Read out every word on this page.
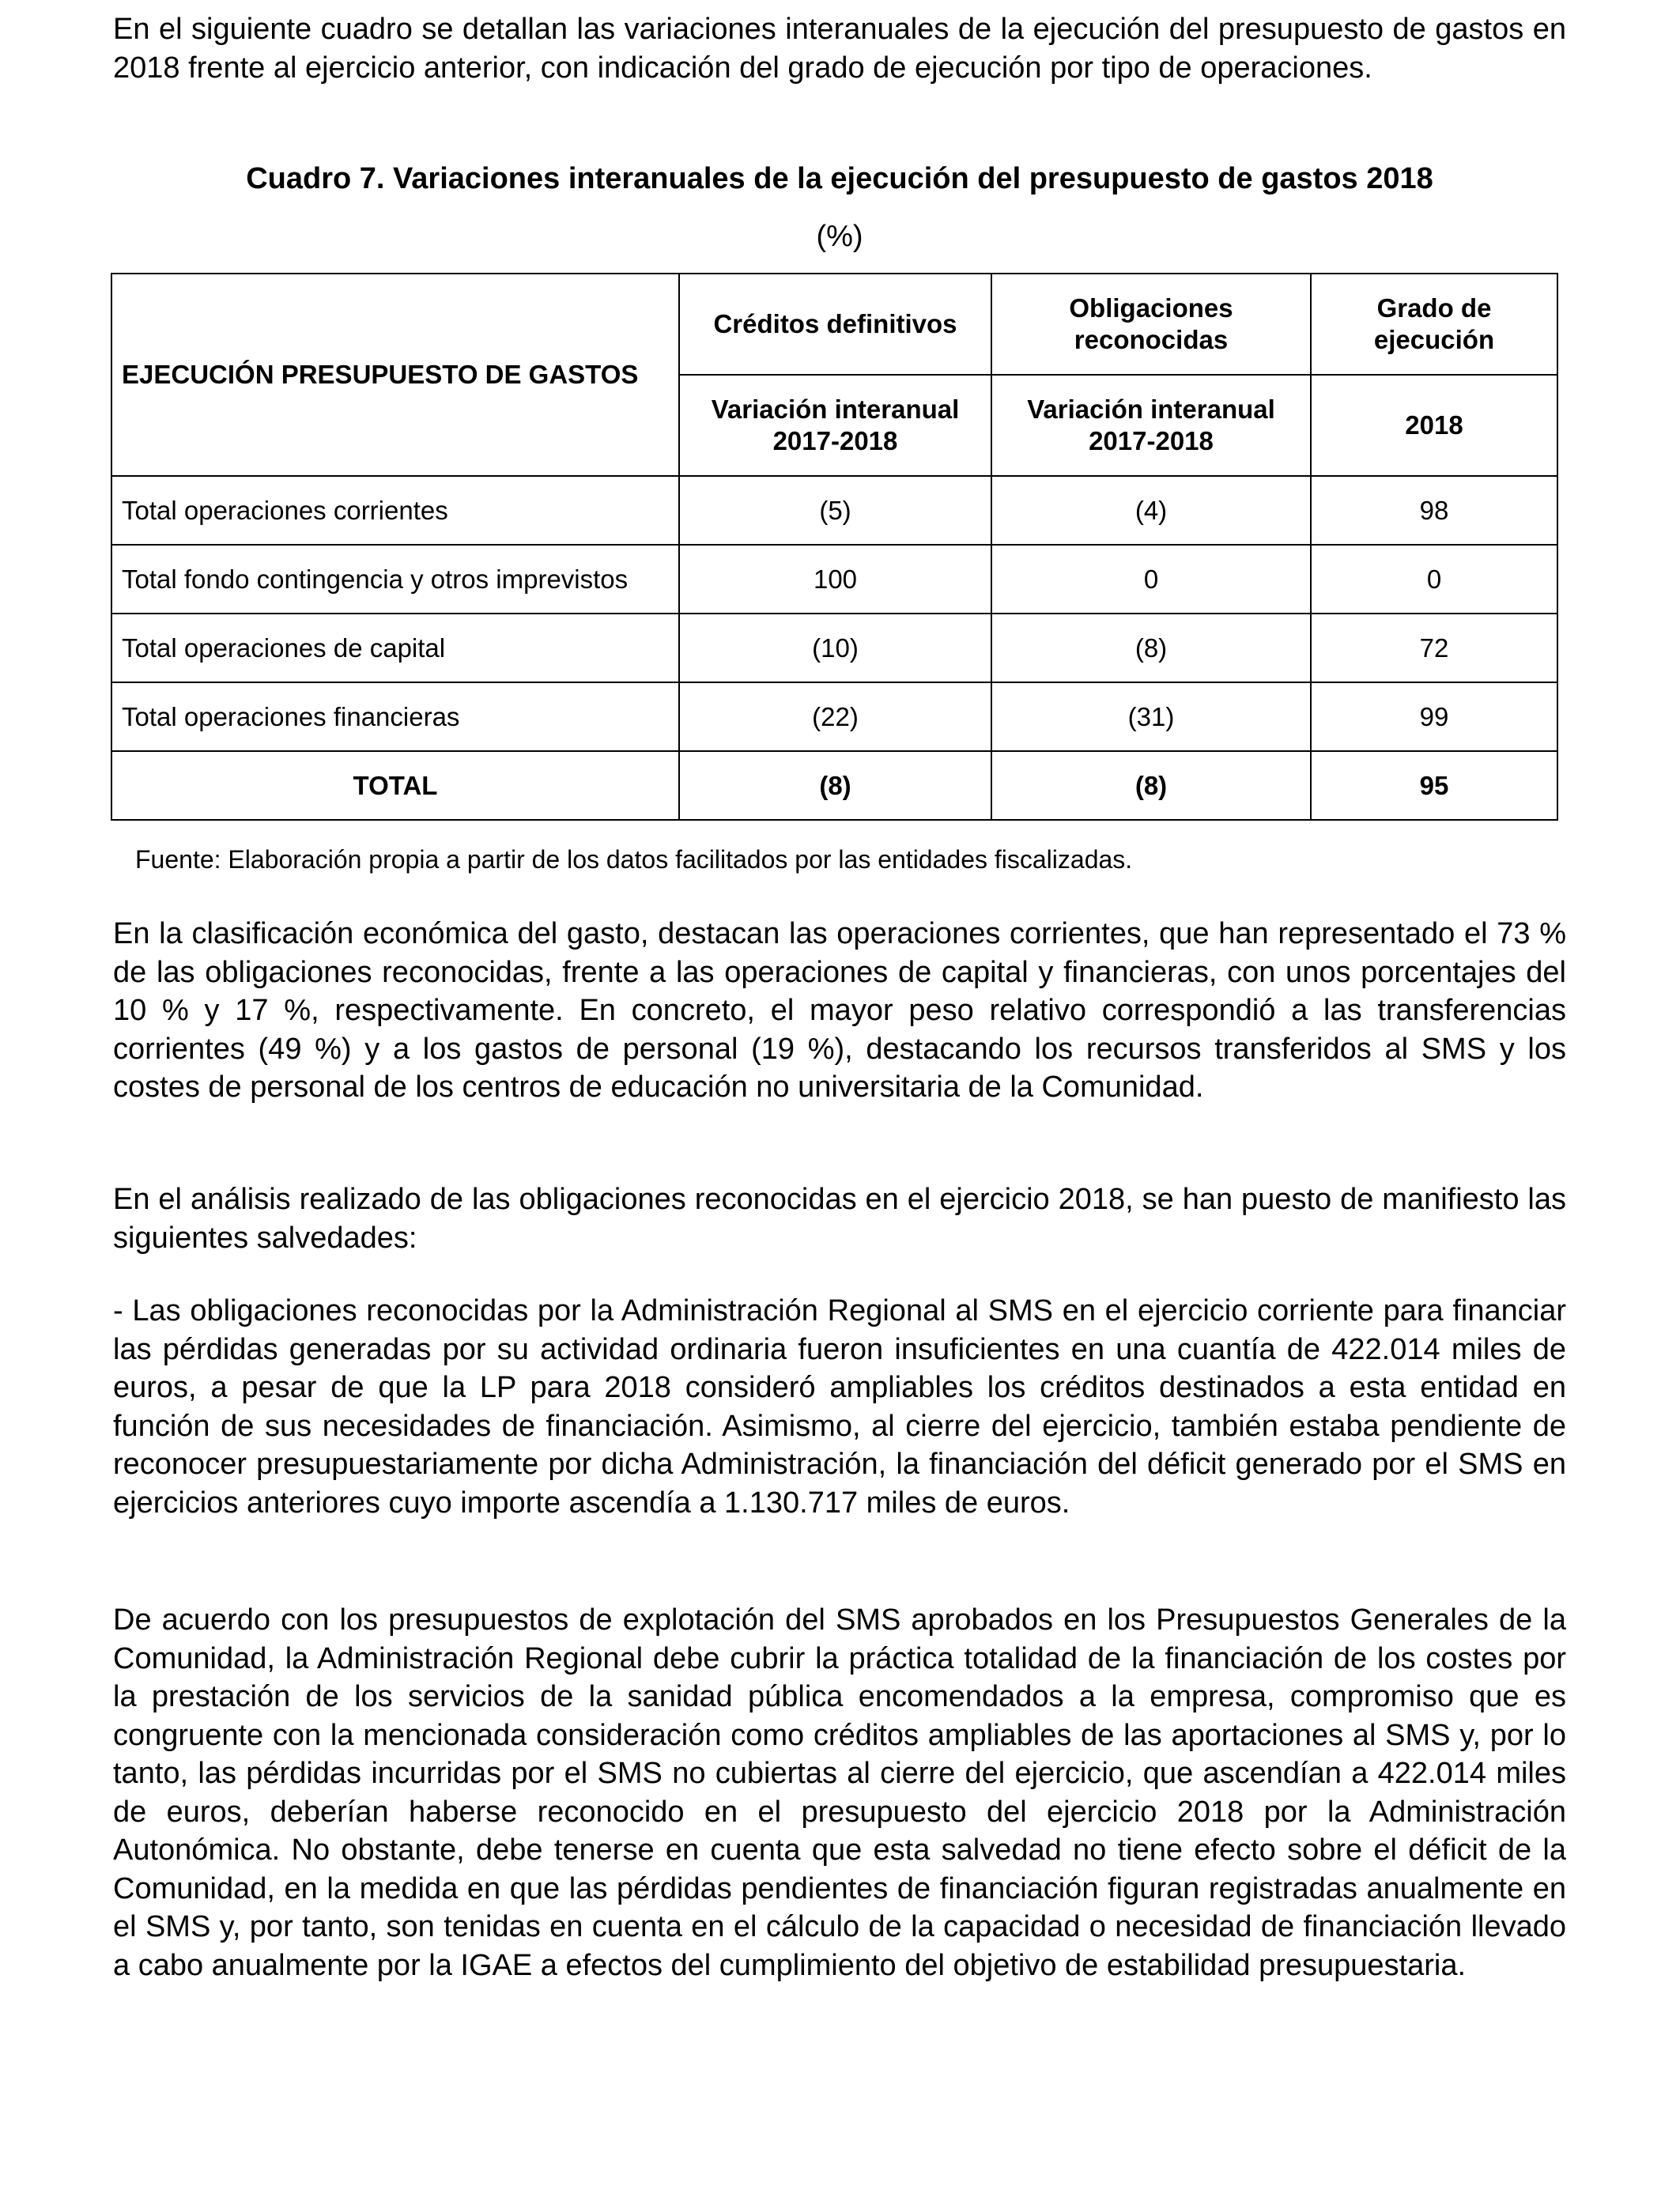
En el siguiente cuadro se detallan las variaciones interanuales de la ejecución del presupuesto de gastos en 2018 frente al ejercicio anterior, con indicación del grado de ejecución por tipo de operaciones.

Cuadro 7. Variaciones interanuales de la ejecución del presupuesto de gastos 2018

(%)

EJECUCIÓN PRESUPUESTO DE GASTOS	Créditos definitivos	Obligaciones reconocidas	Grado de ejecución
	Variación interanual 2017-2018	Variación interanual 2017-2018	2018
Total operaciones corrientes	(5)	(4)	98
Total fondo contingencia y otros imprevistos	100	0	0
Total operaciones de capital	(10)	(8)	72
Total operaciones financieras	(22)	(31)	99
TOTAL	(8)	(8)	95

Fuente: Elaboración propia a partir de los datos facilitados por las entidades fiscalizadas.

En la clasificación económica del gasto, destacan las operaciones corrientes, que han representado el 73 % de las obligaciones reconocidas, frente a las operaciones de capital y financieras, con unos porcentajes del 10 % y 17 %, respectivamente. En concreto, el mayor peso relativo correspondió a las transferencias corrientes (49 %) y a los gastos de personal (19 %), destacando los recursos transferidos al SMS y los costes de personal de los centros de educación no universitaria de la Comunidad.

En el análisis realizado de las obligaciones reconocidas en el ejercicio 2018, se han puesto de manifiesto las siguientes salvedades:

- Las obligaciones reconocidas por la Administración Regional al SMS en el ejercicio corriente para financiar las pérdidas generadas por su actividad ordinaria fueron insuficientes en una cuantía de 422.014 miles de euros, a pesar de que la LP para 2018 consideró ampliables los créditos destinados a esta entidad en función de sus necesidades de financiación. Asimismo, al cierre del ejercicio, también estaba pendiente de reconocer presupuestariamente por dicha Administración, la financiación del déficit generado por el SMS en ejercicios anteriores cuyo importe ascendía a 1.130.717 miles de euros.

De acuerdo con los presupuestos de explotación del SMS aprobados en los Presupuestos Generales de la Comunidad, la Administración Regional debe cubrir la práctica totalidad de la financiación de los costes por la prestación de los servicios de la sanidad pública encomendados a la empresa, compromiso que es congruente con la mencionada consideración como créditos ampliables de las aportaciones al SMS y, por lo tanto, las pérdidas incurridas por el SMS no cubiertas al cierre del ejercicio, que ascendían a 422.014 miles de euros, deberían haberse reconocido en el presupuesto del ejercicio 2018 por la Administración Autonómica. No obstante, debe tenerse en cuenta que esta salvedad no tiene efecto sobre el déficit de la Comunidad, en la medida en que las pérdidas pendientes de financiación figuran registradas anualmente en el SMS y, por tanto, son tenidas en cuenta en el cálculo de la capacidad o necesidad de financiación llevado a cabo anualmente por la IGAE a efectos del cumplimiento del objetivo de estabilidad presupuestaria.
